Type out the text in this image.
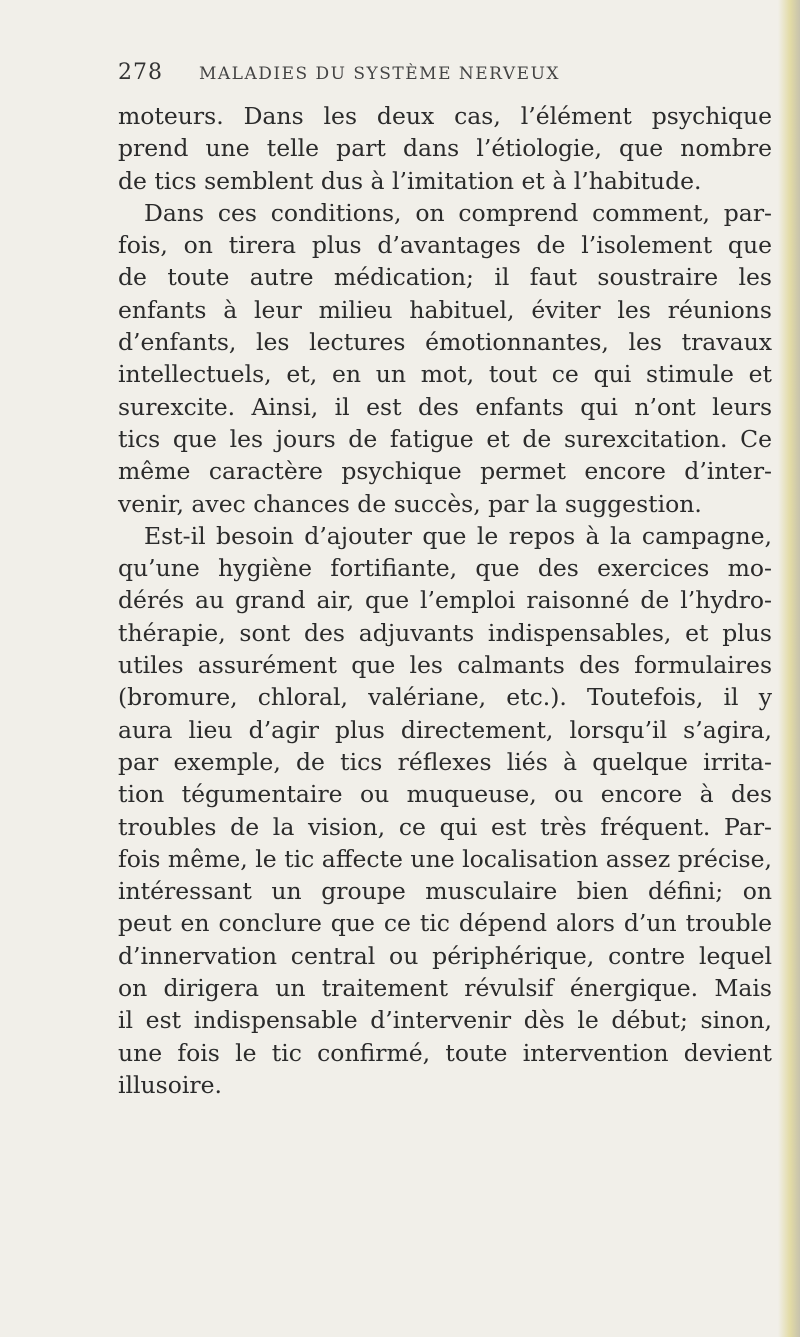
278 MALADIES DU SYSTÈME NERVEUX
moteurs. Dans les deux cas, l’élément psychique
prend une telle part dans l’étiologie, que nombre
de tics semblent dus à l’imitation et à l’habitude.
Dans ces conditions, on comprend comment, par-
fois, on tirera plus d’avantages de l’isolement que
de toute autre médication; il faut soustraire les
enfants à leur milieu habituel, éviter les réunions
d’enfants, les lectures émotionnantes, les travaux
intellectuels, et, en un mot, tout ce qui stimule et
surexcite. Ainsi, il est des enfants qui n’ont leurs
tics que les jours de fatigue et de surexcitation. Ce
même caractère psychique permet encore d’inter-
venir, avec chances de succès, par la suggestion.
Est-il besoin d’ajouter que le repos à la campagne,
qu’une hygiène fortifiante, que des exercices mo-
dérés au grand air, que l’emploi raisonné de l’hydro-
thérapie, sont des adjuvants indispensables, et plus
utiles assurément que les calmants des formulaires
(bromure, chloral, valériane, etc.). Toutefois, il y
aura lieu d’agir plus directement, lorsqu’il s’agira,
par exemple, de tics réflexes liés à quelque irrita-
tion tégumentaire ou muqueuse, ou encore à des
troubles de la vision, ce qui est très fréquent. Par-
fois même, le tic affecte une localisation assez précise,
intéressant un groupe musculaire bien défini; on
peut en conclure que ce tic dépend alors d’un trouble
d’innervation central ou périphérique, contre lequel
on dirigera un traitement révulsif énergique. Mais
il est indispensable d’intervenir dès le début; sinon,
une fois le tic confirmé, toute intervention devient
illusoire.
